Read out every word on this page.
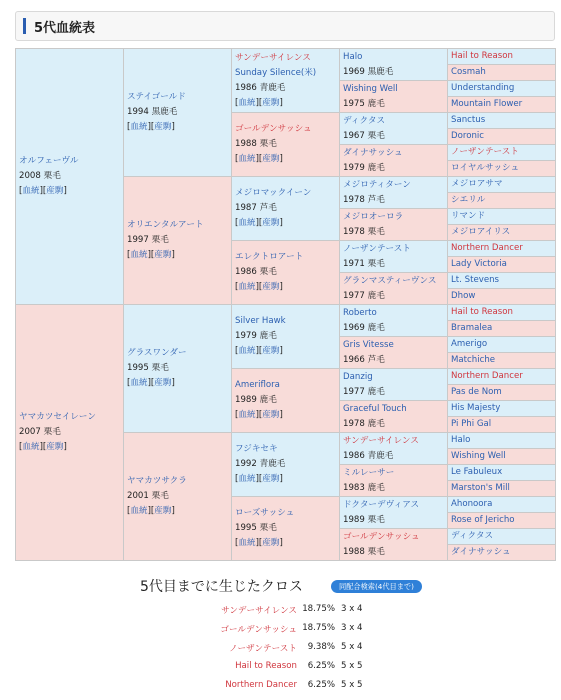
5代血統表
オルフェーヴル
2008 栗毛
[血統][産駒]	ステイゴールド
1994 黒鹿毛
[血統][産駒]	サンデーサイレンス
Sunday Silence(米)
1986 青鹿毛
[血統][産駒]	Halo
1969 黒鹿毛	Hail to Reason

				Cosmah

			Wishing Well
1975 鹿毛	Understanding

				Mountain Flower

		ゴールデンサッシュ
1988 栗毛
[血統][産駒]	ディクタス
1967 栗毛	Sanctus

				Doronic

			ダイナサッシュ
1979 鹿毛	ノーザンテースト

				ロイヤルサッシュ

	オリエンタルアート
1997 栗毛
[血統][産駒]	メジロマックイーン
1987 芦毛
[血統][産駒]	メジロティターン
1978 芦毛	メジロアサマ

				シエリル

			メジロオーロラ
1978 栗毛	リマンド

				メジロアイリス

		エレクトロアート
1986 栗毛
[血統][産駒]	ノーザンテースト
1971 栗毛	Northern Dancer

				Lady Victoria

			グランマスティーヴンス
1977 鹿毛	Lt. Stevens

				Dhow

ヤマカツセイレーン
2007 栗毛
[血統][産駒]	グラスワンダー
1995 栗毛
[血統][産駒]	Silver Hawk
1979 鹿毛
[血統][産駒]	Roberto
1969 鹿毛	Hail to Reason

				Bramalea

			Gris Vitesse
1966 芦毛	Amerigo

				Matchiche

		Ameriflora
1989 鹿毛
[血統][産駒]	Danzig
1977 鹿毛	Northern Dancer

				Pas de Nom

			Graceful Touch
1978 鹿毛	His Majesty

				Pi Phi Gal

	ヤマカツサクラ
2001 栗毛
[血統][産駒]	フジキセキ
1992 青鹿毛
[血統][産駒]	サンデーサイレンス
1986 青鹿毛	Halo

				Wishing Well

			ミルレーサー
1983 鹿毛	Le Fabuleux

				Marston's Mill

		ローズサッシュ
1995 栗毛
[血統][産駒]	ドクターデヴィアス
1989 栗毛	Ahonoora

				Rose of Jericho

			ゴールデンサッシュ
1988 栗毛	ディクタス

				ダイナサッシュ
5代目までに生じたクロス	同配合検索(4代目まで)
サンデーサイレンス 18.75% 3 x 4
ゴールデンサッシュ 18.75% 3 x 4
ノーザンテースト	9.38% 5 x 4
Hail to Reason	6.25% 5 x 5
Northern Dancer	6.25% 5 x 5
